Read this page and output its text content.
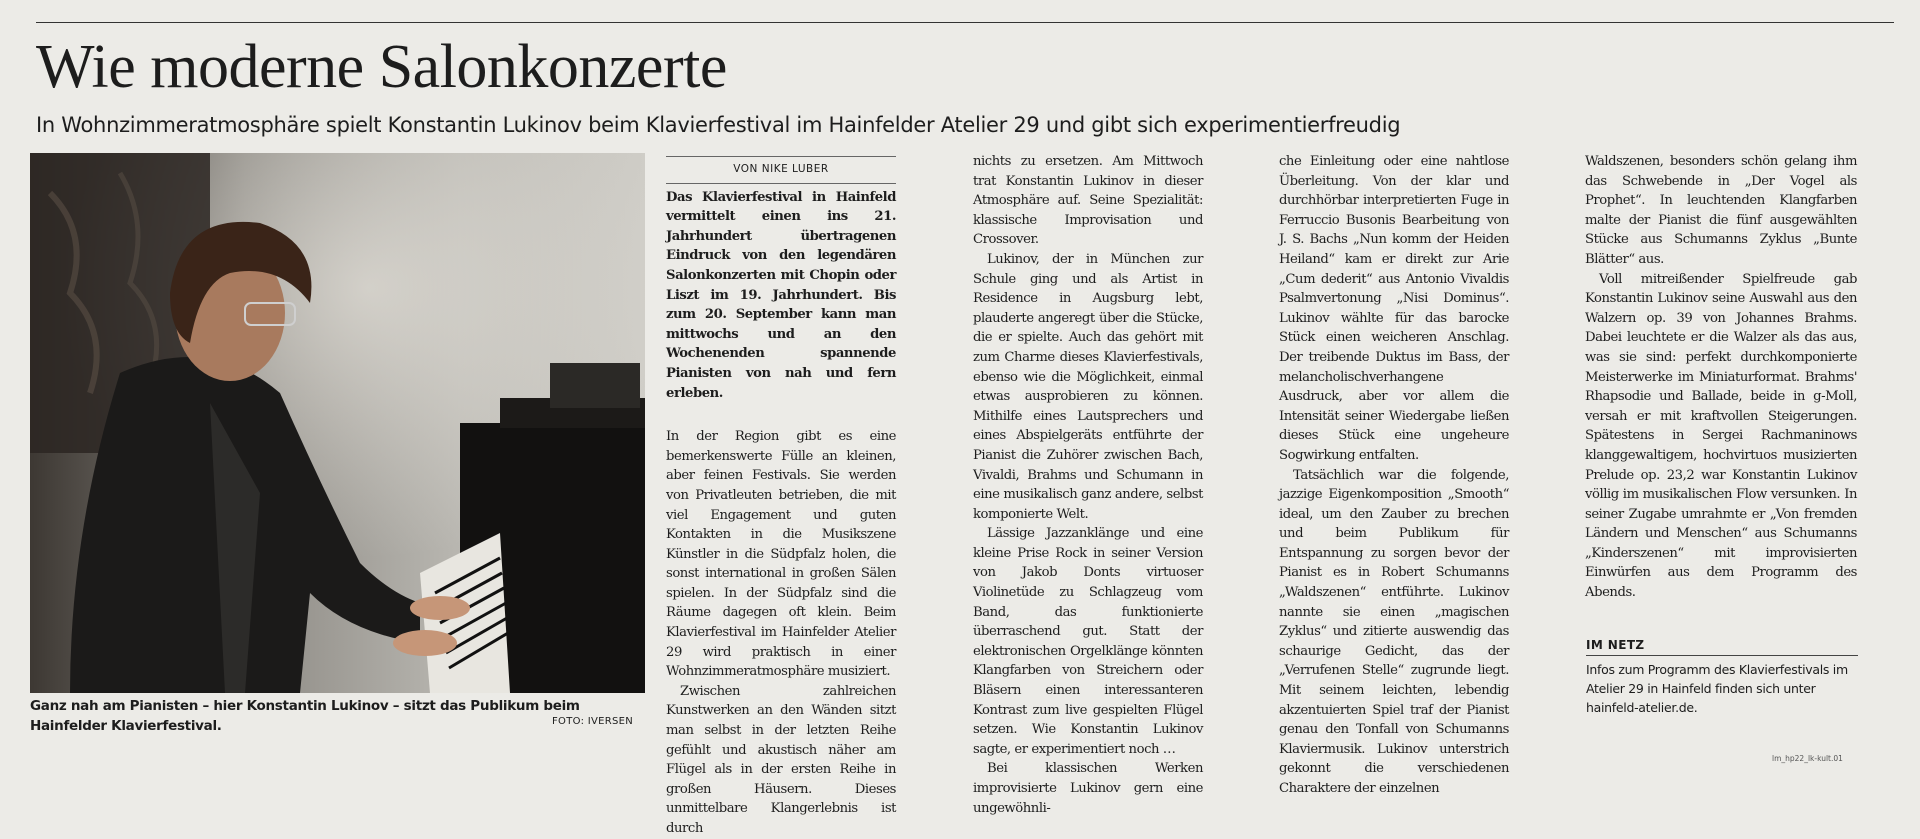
Wie moderne Salonkonzerte
In Wohnzimmeratmosphäre spielt Konstantin Lukinov beim Klavierfestival im Hainfelder Atelier 29 und gibt sich experimentierfreudig
Ganz nah am Pianisten – hier Konstantin Lukinov – sitzt das Publikum beim Hainfelder Klavierfestival.	FOTO: IVERSEN
VON NIKE LUBER

Das Klavierfestival in Hainfeld vermittelt einen ins 21. Jahrhundert übertragenen Eindruck von den legendären Salonkonzerten mit Chopin oder Liszt im 19. Jahrhundert. Bis zum 20. September kann man mittwochs und an den Wochenenden spannende Pianisten von nah und fern erleben.

In der Region gibt es eine bemerkenswerte Fülle an kleinen, aber feinen Festivals. Sie werden von Privatleuten betrieben, die mit viel Engagement und guten Kontakten in die Musikszene Künstler in die Südpfalz holen, die sonst international in großen Sälen spielen. In der Südpfalz sind die Räume dagegen oft klein. Beim Klavierfestival im Hainfelder Atelier 29 wird praktisch in einer Wohnzimmeratmosphäre musiziert.

Zwischen zahlreichen Kunstwerken an den Wänden sitzt man selbst in der letzten Reihe gefühlt und akustisch näher am Flügel als in der ersten Reihe in großen Häusern. Dieses unmittelbare Klangerlebnis ist durch

nichts zu ersetzen. Am Mittwoch trat Konstantin Lukinov in dieser Atmosphäre auf. Seine Spezialität: klassische Improvisation und Crossover.

Lukinov, der in München zur Schule ging und als Artist in Residence in Augsburg lebt, plauderte angeregt über die Stücke, die er spielte. Auch das gehört mit zum Charme dieses Klavierfestivals, ebenso wie die Möglichkeit, einmal etwas ausprobieren zu können. Mithilfe eines Lautsprechers und eines Abspielgeräts entführte der Pianist die Zuhörer zwischen Bach, Vivaldi, Brahms und Schumann in eine musikalisch ganz andere, selbst komponierte Welt.

Lässige Jazzanklänge und eine kleine Prise Rock in seiner Version von Jakob Donts virtuoser Violinetüde zu Schlagzeug vom Band, das funktionierte überraschend gut. Statt der elektronischen Orgelklänge könnten Klangfarben von Streichern oder Bläsern einen interessanteren Kontrast zum live gespielten Flügel setzen. Wie Konstantin Lukinov sagte, er experimentiert noch …

Bei klassischen Werken improvisierte Lukinov gern eine ungewöhnli-

che Einleitung oder eine nahtlose Überleitung. Von der klar und durchhörbar interpretierten Fuge in Ferruccio Busonis Bearbeitung von J. S. Bachs „Nun komm der Heiden Heiland“ kam er direkt zur Arie „Cum dederit“ aus Antonio Vivaldis Psalmvertonung „Nisi Dominus“. Lukinov wählte für das barocke Stück einen weicheren Anschlag. Der treibende Duktus im Bass, der melancholischverhangene Ausdruck, aber vor allem die Intensität seiner Wiedergabe ließen dieses Stück eine ungeheure Sogwirkung entfalten.

Tatsächlich war die folgende, jazzige Eigenkomposition „Smooth“ ideal, um den Zauber zu brechen und beim Publikum für Entspannung zu sorgen bevor der Pianist es in Robert Schumanns „Waldszenen“ entführte. Lukinov nannte sie einen „magischen Zyklus“ und zitierte auswendig das schaurige Gedicht, das der „Verrufenen Stelle“ zugrunde liegt. Mit seinem leichten, lebendig akzentuierten Spiel traf der Pianist genau den Tonfall von Schumanns Klaviermusik. Lukinov unterstrich gekonnt die verschiedenen Charaktere der einzelnen

Waldszenen, besonders schön gelang ihm das Schwebende in „Der Vogel als Prophet“. In leuchtenden Klangfarben malte der Pianist die fünf ausgewählten Stücke aus Schumanns Zyklus „Bunte Blätter“ aus.

Voll mitreißender Spielfreude gab Konstantin Lukinov seine Auswahl aus den Walzern op. 39 von Johannes Brahms. Dabei leuchtete er die Walzer als das aus, was sie sind: perfekt durchkomponierte Meisterwerke im Miniaturformat. Brahms' Rhapsodie und Ballade, beide in g-Moll, versah er mit kraftvollen Steigerungen. Spätestens in Sergei Rachmaninows klanggewaltigem, hochvirtuos musizierten Prelude op. 23,2 war Konstantin Lukinov völlig im musikalischen Flow versunken. In seiner Zugabe umrahmte er „Von fremden Ländern und Menschen“ aus Schumanns „Kinderszenen“ mit improvisierten Einwürfen aus dem Programm des Abends.

IM NETZ
Infos zum Programm des Klavierfestivals im Atelier 29 in Hainfeld finden sich unter hainfeld-atelier.de.
lm_hp22_lk-kult.01
